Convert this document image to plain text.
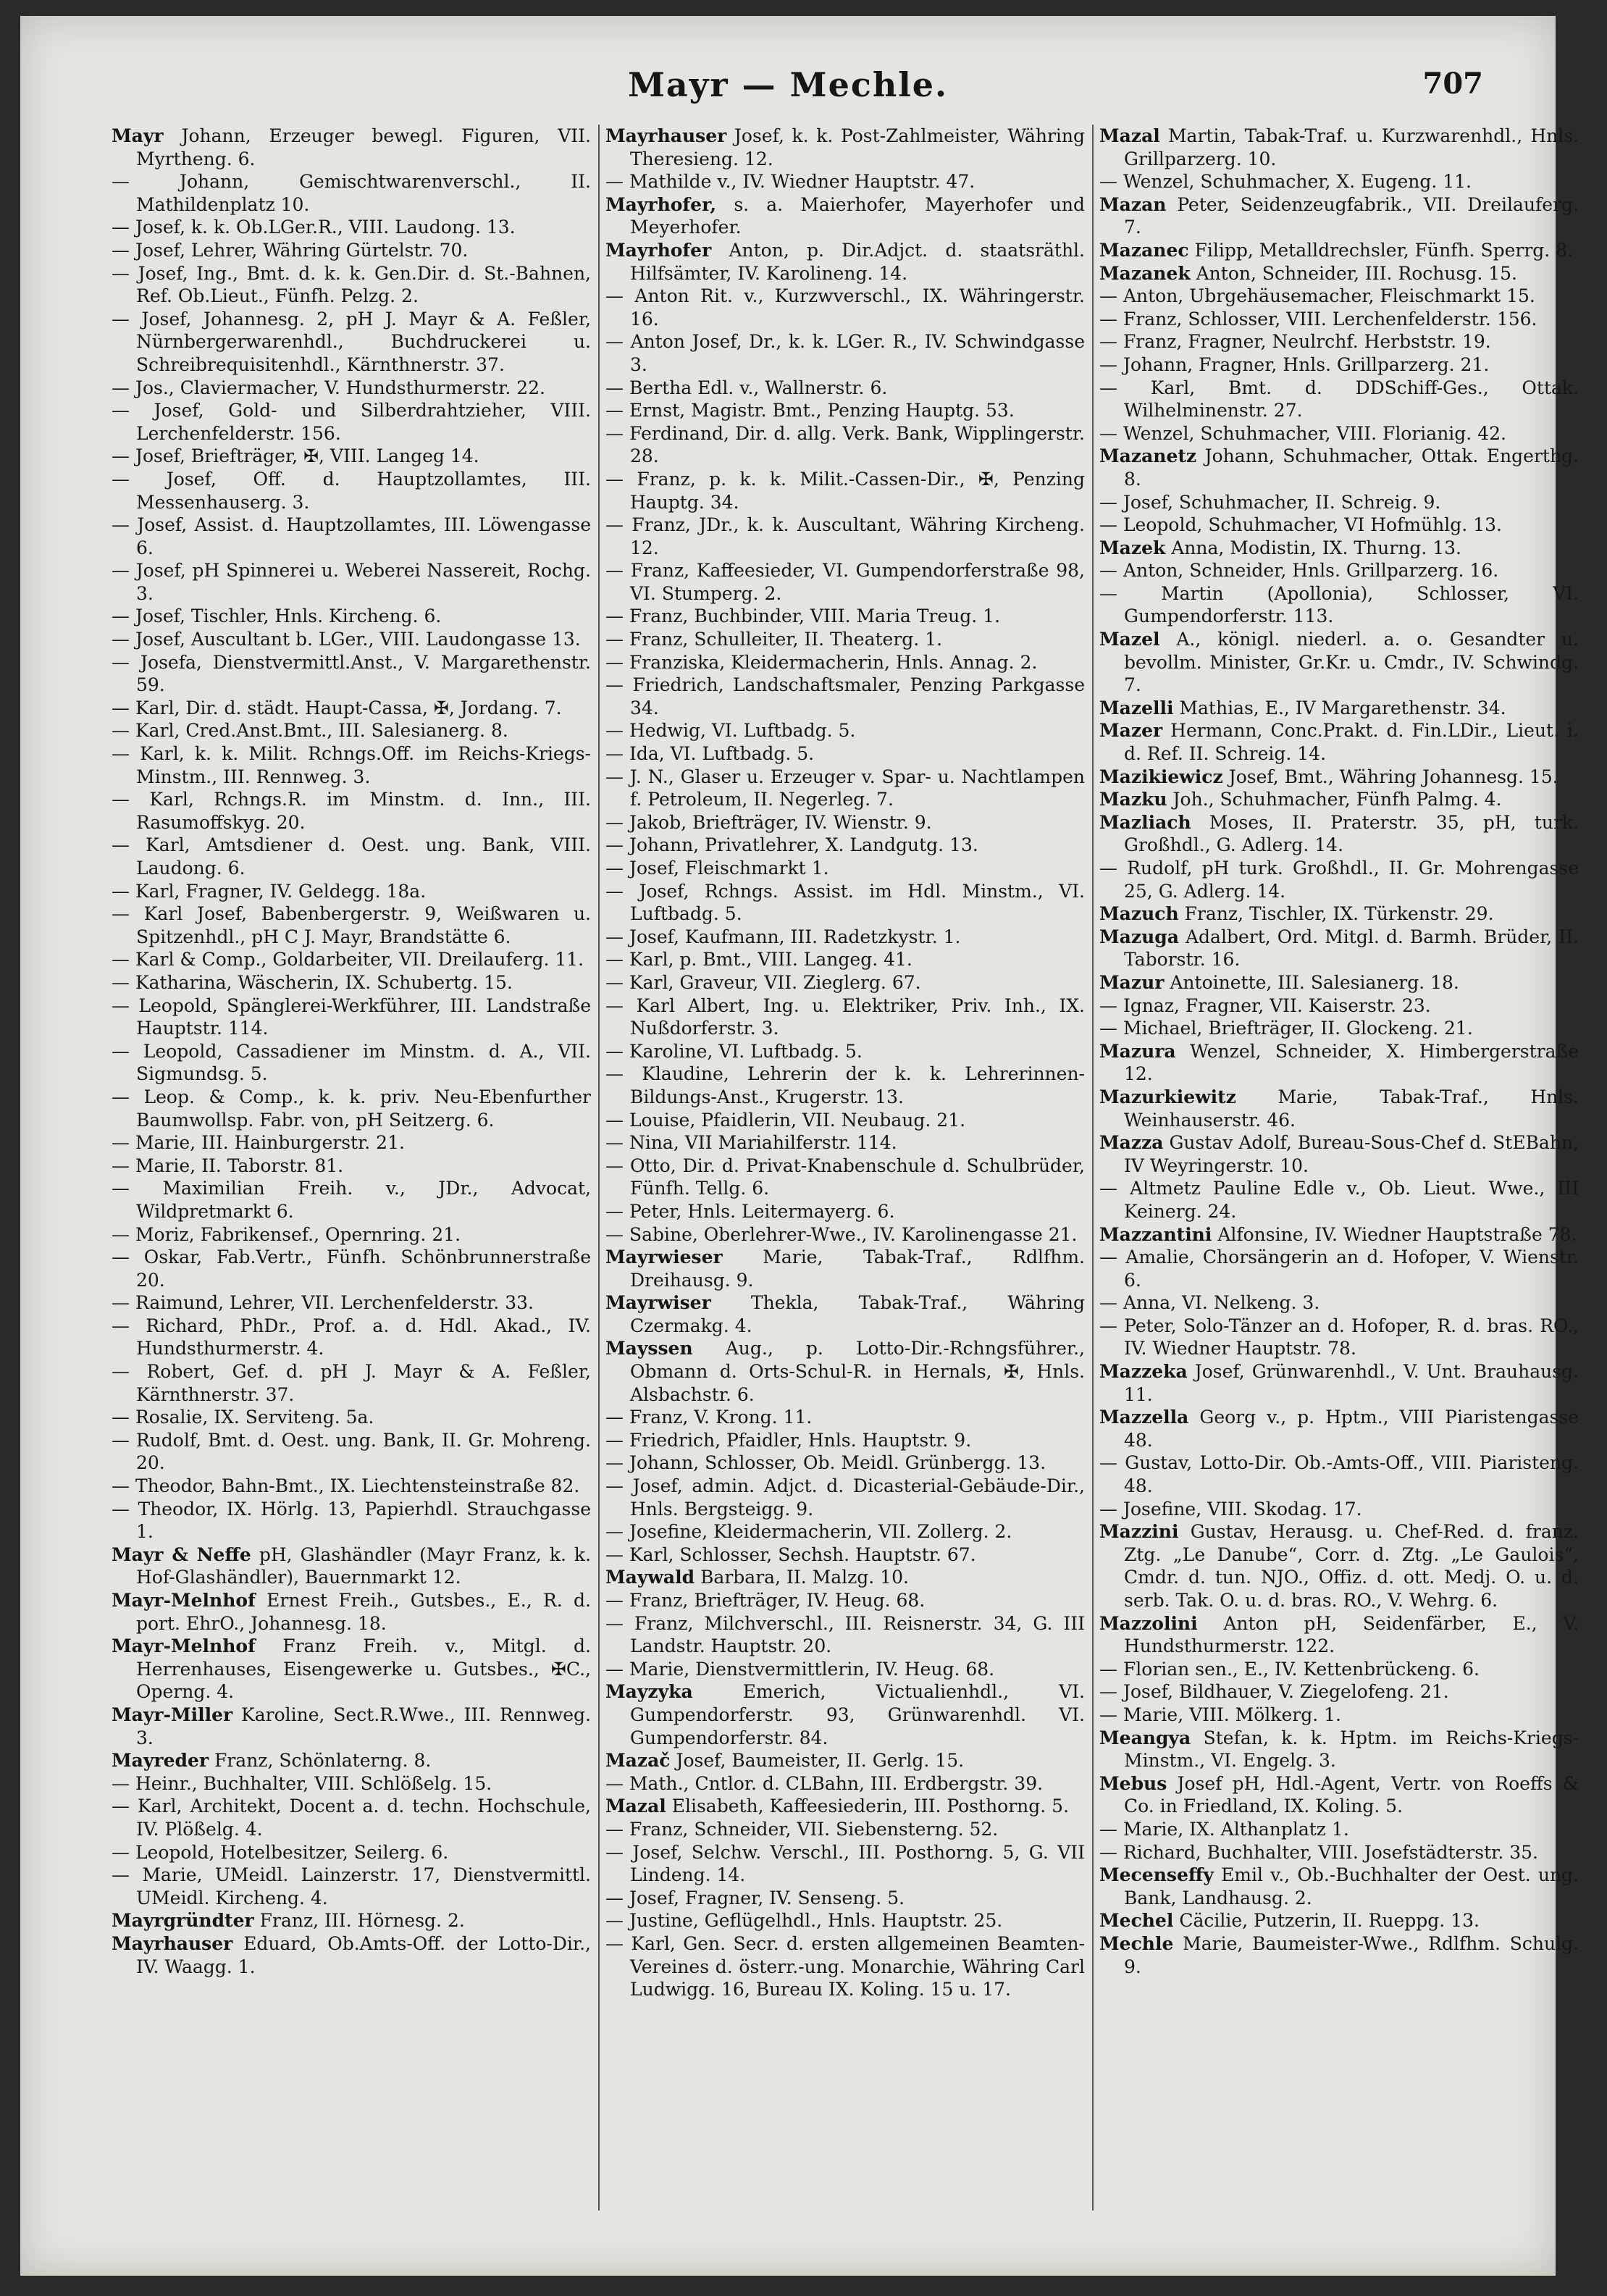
Mayr — Mechle.	707

Mayr Johann, Erzeuger bewegl. Figuren, VII. Myrtheng. 6.

— Johann, Gemischtwarenverschl., II. Mathildenplatz 10.

— Josef, k. k. Ob.LGer.R., VIII. Laudong. 13.

— Josef, Lehrer, Währing Gürtelstr. 70.

— Josef, Ing., Bmt. d. k. k. Gen.Dir. d. St.-Bahnen, Ref. Ob.Lieut., Fünfh. Pelzg. 2.

— Josef, Johannesg. 2, pH J. Mayr & A. Feßler, Nürnbergerwarenhdl., Buchdruckerei u. Schreibrequisitenhdl., Kärnthnerstr. 37.

— Jos., Claviermacher, V. Hundsthurmerstr. 22.

— Josef, Gold- und Silberdrahtzieher, VIII. Lerchenfelderstr. 156.

— Josef, Briefträger, ✠, VIII. Langeg 14.

— Josef, Off. d. Hauptzollamtes, III. Messenhauserg. 3.

— Josef, Assist. d. Hauptzollamtes, III. Löwengasse 6.

— Josef, pH Spinnerei u. Weberei Nassereit, Rochg. 3.

— Josef, Tischler, Hnls. Kircheng. 6.

— Josef, Auscultant b. LGer., VIII. Laudongasse 13.

— Josefa, Dienstvermittl.Anst., V. Margarethenstr. 59.

— Karl, Dir. d. städt. Haupt-Cassa, ✠, Jordang. 7.

— Karl, Cred.Anst.Bmt., III. Salesianerg. 8.

— Karl, k. k. Milit. Rchngs.Off. im Reichs-Kriegs-Minstm., III. Rennweg. 3.

— Karl, Rchngs.R. im Minstm. d. Inn., III. Rasumoffskyg. 20.

— Karl, Amtsdiener d. Oest. ung. Bank, VIII. Laudong. 6.

— Karl, Fragner, IV. Geldegg. 18a.

— Karl Josef, Babenbergerstr. 9, Weißwaren u. Spitzenhdl., pH C J. Mayr, Brandstätte 6.

— Karl & Comp., Goldarbeiter, VII. Dreilauferg. 11.

— Katharina, Wäscherin, IX. Schubertg. 15.

— Leopold, Spänglerei-Werkführer, III. Landstraße Hauptstr. 114.

— Leopold, Cassadiener im Minstm. d. A., VII. Sigmundsg. 5.

— Leop. & Comp., k. k. priv. Neu-Ebenfurther Baumwollsp. Fabr. von, pH Seitzerg. 6.

— Marie, III. Hainburgerstr. 21.

— Marie, II. Taborstr. 81.

— Maximilian Freih. v., JDr., Advocat, Wildpretmarkt 6.

— Moriz, Fabrikensef., Opernring. 21.

— Oskar, Fab.Vertr., Fünfh. Schönbrunnerstraße 20.

— Raimund, Lehrer, VII. Lerchenfelderstr. 33.

— Richard, PhDr., Prof. a. d. Hdl. Akad., IV. Hundsthurmerstr. 4.

— Robert, Gef. d. pH J. Mayr & A. Feßler, Kärnthnerstr. 37.

— Rosalie, IX. Serviteng. 5a.

— Rudolf, Bmt. d. Oest. ung. Bank, II. Gr. Mohreng. 20.

— Theodor, Bahn-Bmt., IX. Liechtensteinstraße 82.

— Theodor, IX. Hörlg. 13, Papierhdl. Strauchgasse 1.

Mayr & Neffe pH, Glashändler (Mayr Franz, k. k. Hof-Glashändler), Bauernmarkt 12.

Mayr-Melnhof Ernest Freih., Gutsbes., E., R. d. port. EhrO., Johannesg. 18.

Mayr-Melnhof Franz Freih. v., Mitgl. d. Herrenhauses, Eisengewerke u. Gutsbes., ✠C., Operng. 4.

Mayr-Miller Karoline, Sect.R.Wwe., III. Rennweg. 3.

Mayreder Franz, Schönlaterng. 8.

— Heinr., Buchhalter, VIII. Schlößelg. 15.

— Karl, Architekt, Docent a. d. techn. Hochschule, IV. Plößelg. 4.

— Leopold, Hotelbesitzer, Seilerg. 6.

— Marie, UMeidl. Lainzerstr. 17, Dienstvermittl. UMeidl. Kircheng. 4.

Mayrgründter Franz, III. Hörnesg. 2.

Mayrhauser Eduard, Ob.Amts-Off. der Lotto-Dir., IV. Waagg. 1.

Mayrhauser Josef, k. k. Post-Zahlmeister, Währing Theresieng. 12.

— Mathilde v., IV. Wiedner Hauptstr. 47.

Mayrhofer, s. a. Maierhofer, Mayerhofer und Meyerhofer.

Mayrhofer Anton, p. Dir.Adjct. d. staatsräthl. Hilfsämter, IV. Karolineng. 14.

— Anton Rit. v., Kurzwverschl., IX. Währingerstr. 16.

— Anton Josef, Dr., k. k. LGer. R., IV. Schwindgasse 3.

— Bertha Edl. v., Wallnerstr. 6.

— Ernst, Magistr. Bmt., Penzing Hauptg. 53.

— Ferdinand, Dir. d. allg. Verk. Bank, Wipplingerstr. 28.

— Franz, p. k. k. Milit.-Cassen-Dir., ✠, Penzing Hauptg. 34.

— Franz, JDr., k. k. Auscultant, Währing Kircheng. 12.

— Franz, Kaffeesieder, VI. Gumpendorferstraße 98, VI. Stumperg. 2.

— Franz, Buchbinder, VIII. Maria Treug. 1.

— Franz, Schulleiter, II. Theaterg. 1.

— Franziska, Kleidermacherin, Hnls. Annag. 2.

— Friedrich, Landschaftsmaler, Penzing Parkgasse 34.

— Hedwig, VI. Luftbadg. 5.

— Ida, VI. Luftbadg. 5.

— J. N., Glaser u. Erzeuger v. Spar- u. Nachtlampen f. Petroleum, II. Negerleg. 7.

— Jakob, Briefträger, IV. Wienstr. 9.

— Johann, Privatlehrer, X. Landgutg. 13.

— Josef, Fleischmarkt 1.

— Josef, Rchngs. Assist. im Hdl. Minstm., VI. Luftbadg. 5.

— Josef, Kaufmann, III. Radetzkystr. 1.

— Karl, p. Bmt., VIII. Langeg. 41.

— Karl, Graveur, VII. Zieglerg. 67.

— Karl Albert, Ing. u. Elektriker, Priv. Inh., IX. Nußdorferstr. 3.

— Karoline, VI. Luftbadg. 5.

— Klaudine, Lehrerin der k. k. Lehrerinnen-Bildungs-Anst., Krugerstr. 13.

— Louise, Pfaidlerin, VII. Neubaug. 21.

— Nina, VII Mariahilferstr. 114.

— Otto, Dir. d. Privat-Knabenschule d. Schulbrüder, Fünfh. Tellg. 6.

— Peter, Hnls. Leitermayerg. 6.

— Sabine, Oberlehrer-Wwe., IV. Karolinengasse 21.

Mayrwieser Marie, Tabak-Traf., Rdlfhm. Dreihausg. 9.

Mayrwiser Thekla, Tabak-Traf., Währing Czermakg. 4.

Mayssen Aug., p. Lotto-Dir.-Rchngsführer., Obmann d. Orts-Schul-R. in Hernals, ✠, Hnls. Alsbachstr. 6.

— Franz, V. Krong. 11.

— Friedrich, Pfaidler, Hnls. Hauptstr. 9.

— Johann, Schlosser, Ob. Meidl. Grünbergg. 13.

— Josef, admin. Adjct. d. Dicasterial-Gebäude-Dir., Hnls. Bergsteigg. 9.

— Josefine, Kleidermacherin, VII. Zollerg. 2.

— Karl, Schlosser, Sechsh. Hauptstr. 67.

Maywald Barbara, II. Malzg. 10.

— Franz, Briefträger, IV. Heug. 68.

— Franz, Milchverschl., III. Reisnerstr. 34, G. III Landstr. Hauptstr. 20.

— Marie, Dienstvermittlerin, IV. Heug. 68.

Mayzyka	Emerich, Victualienhdl., VI. Gumpendorferstr. 93, Grünwarenhdl. VI. Gumpendorferstr. 84.

Mazač Josef, Baumeister, II. Gerlg. 15.

— Math., Cntlor. d. CLBahn, III. Erdbergstr. 39.

Mazal Elisabeth, Kaffeesiederin, III. Posthorng. 5.

— Franz, Schneider, VII. Siebensterng. 52.

— Josef, Selchw. Verschl., III. Posthorng. 5, G. VII Lindeng. 14.

— Josef, Fragner, IV. Senseng. 5.

— Justine, Geflügelhdl., Hnls. Hauptstr. 25.

— Karl, Gen. Secr. d. ersten allgemeinen Beamten-Vereines d. österr.-ung. Monarchie, Währing Carl Ludwigg. 16, Bureau IX. Koling. 15 u. 17.

Mazal Martin, Tabak-Traf. u. Kurzwarenhdl., Hnls. Grillparzerg. 10.

— Wenzel, Schuhmacher, X. Eugeng. 11.

Mazan Peter, Seidenzeugfabrik., VII. Dreilauferg. 7.

Mazanec Filipp, Metalldrechsler, Fünfh. Sperrg. 8.

Mazanek Anton, Schneider, III. Rochusg. 15.

— Anton, Ubrgehäusemacher, Fleischmarkt 15.

— Franz, Schlosser, VIII. Lerchenfelderstr. 156.

— Franz, Fragner, Neulrchf. Herbststr. 19.

— Johann, Fragner, Hnls. Grillparzerg. 21.

— Karl, Bmt. d. DDSchiff-Ges., Ottak. Wilhelminenstr. 27.

— Wenzel, Schuhmacher, VIII. Florianig. 42.

Mazanetz Johann, Schuhmacher, Ottak. Engerthg. 8.

— Josef, Schuhmacher, II. Schreig. 9.

— Leopold, Schuhmacher, VI Hofmühlg. 13.

Mazek Anna, Modistin, IX. Thurng. 13.

— Anton, Schneider, Hnls. Grillparzerg. 16.

— Martin (Apollonia), Schlosser, VI. Gumpendorferstr. 113.

Mazel A., königl. niederl. a. o. Gesandter u. bevollm. Minister, Gr.Kr. u. Cmdr., IV. Schwindg. 7.

Mazelli Mathias, E., IV Margarethenstr. 34.

Mazer Hermann, Conc.Prakt. d. Fin.LDir., Lieut. i. d. Ref. II. Schreig. 14.

Mazikiewicz Josef, Bmt., Währing Johannesg. 15.

Mazku Joh., Schuhmacher, Fünfh Palmg. 4.

Mazliach Moses, II. Praterstr. 35, pH, turk. Großhdl., G. Adlerg. 14.

— Rudolf, pH turk. Großhdl., II. Gr. Mohrengasse 25, G. Adlerg. 14.

Mazuch Franz, Tischler, IX. Türkenstr. 29.

Mazuga Adalbert, Ord. Mitgl. d. Barmh. Brüder, II. Taborstr. 16.

Mazur Antoinette, III. Salesianerg. 18.

— Ignaz, Fragner, VII. Kaiserstr. 23.

— Michael, Briefträger, II. Glockeng. 21.

Mazura Wenzel, Schneider, X. Himbergerstraße 12.

Mazurkiewitz Marie, Tabak-Traf., Hnls. Weinhauserstr. 46.

Mazza Gustav Adolf, Bureau-Sous-Chef d. StEBahn, IV Weyringerstr. 10.

— Altmetz Pauline Edle v., Ob. Lieut. Wwe., III Keinerg. 24.

Mazzantini Alfonsine, IV. Wiedner Hauptstraße 78.

— Amalie, Chorsängerin an d. Hofoper, V. Wienstr. 6.

— Anna, VI. Nelkeng. 3.

— Peter, Solo-Tänzer an d. Hofoper, R. d. bras. RO., IV. Wiedner Hauptstr. 78.

Mazzeka Josef, Grünwarenhdl., V. Unt. Brauhausg. 11.

Mazzella Georg v., p. Hptm., VIII Piaristengasse 48.

— Gustav, Lotto-Dir. Ob.-Amts-Off., VIII. Piaristeng. 48.

— Josefine, VIII. Skodag. 17.

Mazzini Gustav, Herausg. u. Chef-Red. d. franz. Ztg. „Le Danube“, Corr. d. Ztg. „Le Gaulois“, Cmdr. d. tun. NJO., Offiz. d. ott. Medj. O. u. d. serb. Tak. O. u. d. bras. RO., V. Wehrg. 6.

Mazzolini Anton pH, Seidenfärber, E., V. Hundsthurmerstr. 122.

— Florian sen., E., IV. Kettenbrückeng. 6.

— Josef, Bildhauer, V. Ziegelofeng. 21.

— Marie, VIII. Mölkerg. 1.

Meangya Stefan, k. k. Hptm. im Reichs-Kriegs-Minstm., VI. Engelg. 3.

Mebus Josef pH, Hdl.-Agent, Vertr. von Roeffs & Co. in Friedland, IX. Koling. 5.

— Marie, IX. Althanplatz 1.

— Richard, Buchhalter, VIII. Josefstädterstr. 35.

Mecenseffy Emil v., Ob.-Buchhalter der Oest. ung. Bank, Landhausg. 2.

Mechel Cäcilie, Putzerin, II. Rueppg. 13.

Mechle Marie, Baumeister-Wwe., Rdlfhm. Schulg. 9.
